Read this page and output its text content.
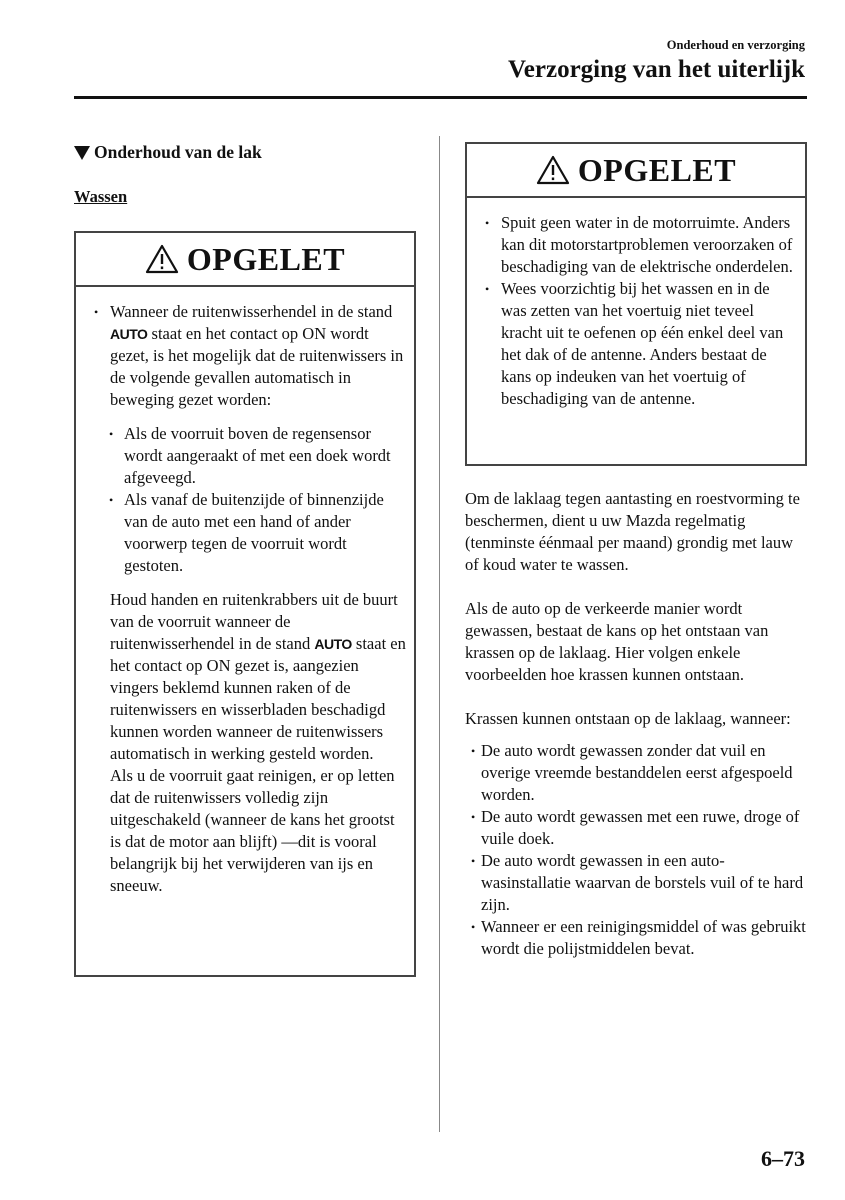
Onderhoud en verzorging
Verzorging van het uiterlijk
Onderhoud van de lak

Wassen

OPGELET
• Wanneer de ruitenwisserhendel in de stand AUTO staat en het contact op ON wordt gezet, is het mogelijk dat de ruitenwissers in de volgende gevallen automatisch in beweging gezet worden:
• Als de voorruit boven de regensensor wordt aangeraakt of met een doek wordt afgeveegd.
• Als vanaf de buitenzijde of binnenzijde van de auto met een hand of ander voorwerp tegen de voorruit wordt gestoten.

Houd handen en ruitenkrabbers uit de buurt van de voorruit wanneer de ruitenwisserhendel in de stand AUTO staat en het contact op ON gezet is, aangezien vingers beklemd kunnen raken of de ruitenwissers en wisserbladen beschadigd kunnen worden wanneer de ruitenwissers automatisch in werking gesteld worden.

Als u de voorruit gaat reinigen, er op letten dat de ruitenwissers volledig zijn uitgeschakeld (wanneer de kans het grootst is dat de motor aan blijft) —dit is vooral belangrijk bij het verwijderen van ijs en sneeuw.

OPGELET
• Spuit geen water in de motorruimte. Anders kan dit motorstartproblemen veroorzaken of beschadiging van de elektrische onderdelen.
• Wees voorzichtig bij het wassen en in de was zetten van het voertuig niet teveel kracht uit te oefenen op één enkel deel van het dak of de antenne. Anders bestaat de kans op indeuken van het voertuig of beschadiging van de antenne.

Om de laklaag tegen aantasting en roestvorming te beschermen, dient u uw Mazda regelmatig (tenminste éénmaal per maand) grondig met lauw of koud water te wassen.

Als de auto op de verkeerde manier wordt gewassen, bestaat de kans op het ontstaan van krassen op de laklaag. Hier volgen enkele voorbeelden hoe krassen kunnen ontstaan.

Krassen kunnen ontstaan op de laklaag, wanneer:

• De auto wordt gewassen zonder dat vuil en overige vreemde bestanddelen eerst afgespoeld worden.
• De auto wordt gewassen met een ruwe, droge of vuile doek.
• De auto wordt gewassen in een auto-wasinstallatie waarvan de borstels vuil of te hard zijn.
• Wanneer er een reinigingsmiddel of was gebruikt wordt die polijstmiddelen bevat.
6–73
